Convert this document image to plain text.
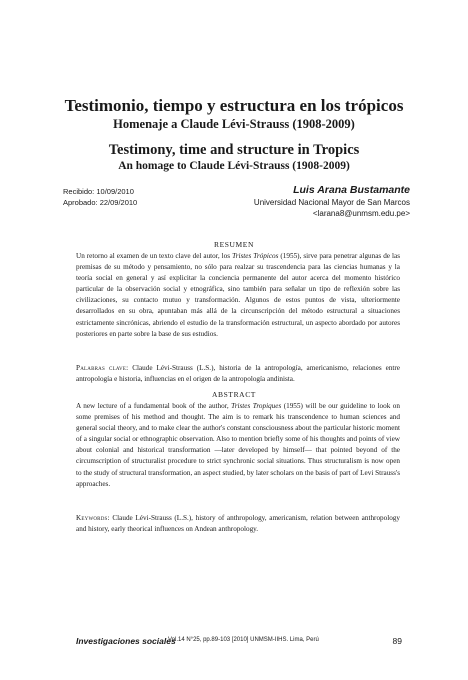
Testimonio, tiempo y estructura en los trópicos
Homenaje a Claude Lévi-Strauss (1908-2009)
Testimony, time and structure in Tropics
An homage to Claude Lévi-Strauss (1908-2009)
Recibido: 10/09/2010
Aprobado: 22/09/2010
Luis Arana Bustamante
Universidad Nacional Mayor de San Marcos
<larana8@unmsm.edu.pe>
RESUMEN
Un retorno al examen de un texto clave del autor, los Tristes Trópicos (1955), sirve para penetrar algunas de las premisas de su método y pensamiento, no sólo para realzar su trascendencia para las ciencias humanas y la teoría social en general y así explicitar la conciencia permanente del autor acerca del momento histórico particular de la observación social y etnográfica, sino también para señalar un tipo de reflexión sobre las civilizaciones, su contacto mutuo y transformación. Algunos de estos puntos de vista, ulteriormente desarrollados en su obra, apuntaban más allá de la circunscripción del método estructural a situaciones estrictamente sincrónicas, abriendo el estudio de la transformación estructural, un aspecto abordado por autores posteriores en parte sobre la base de sus estudios.
Palabras clave: Claude Lévi-Strauss (L.S.), historia de la antropología, americanismo, relaciones entre antropología e historia, influencias en el origen de la antropología andinista.
ABSTRACT
A new lecture of a fundamental book of the author, Tristes Tropiques (1955) will be our guideline to look on some premises of his method and thought. The aim is to remark his transcendence to human sciences and general social theory, and to make clear the author's constant consciousness about the particular historic moment of a singular social or ethnographic observation. Also to mention briefly some of his thoughts and points of view about colonial and historical transformation —later developed by himself— that pointed beyond of the circumscription of structuralist procedure to strict synchronic social situations. Thus structuralism is now open to the study of structural transformation, an aspect studied, by later scholars on the basis of part of Levi Strauss's approaches.
Keywords: Claude Lévi-Strauss (L.S.), history of anthropology, americanism, relation between anthropology and history, early theorical influences on Andean anthropology.
Investigaciones sociales
Vol.14 N°25, pp.89-103 [2010] UNMSM-IIHS. Lima, Perú	89
